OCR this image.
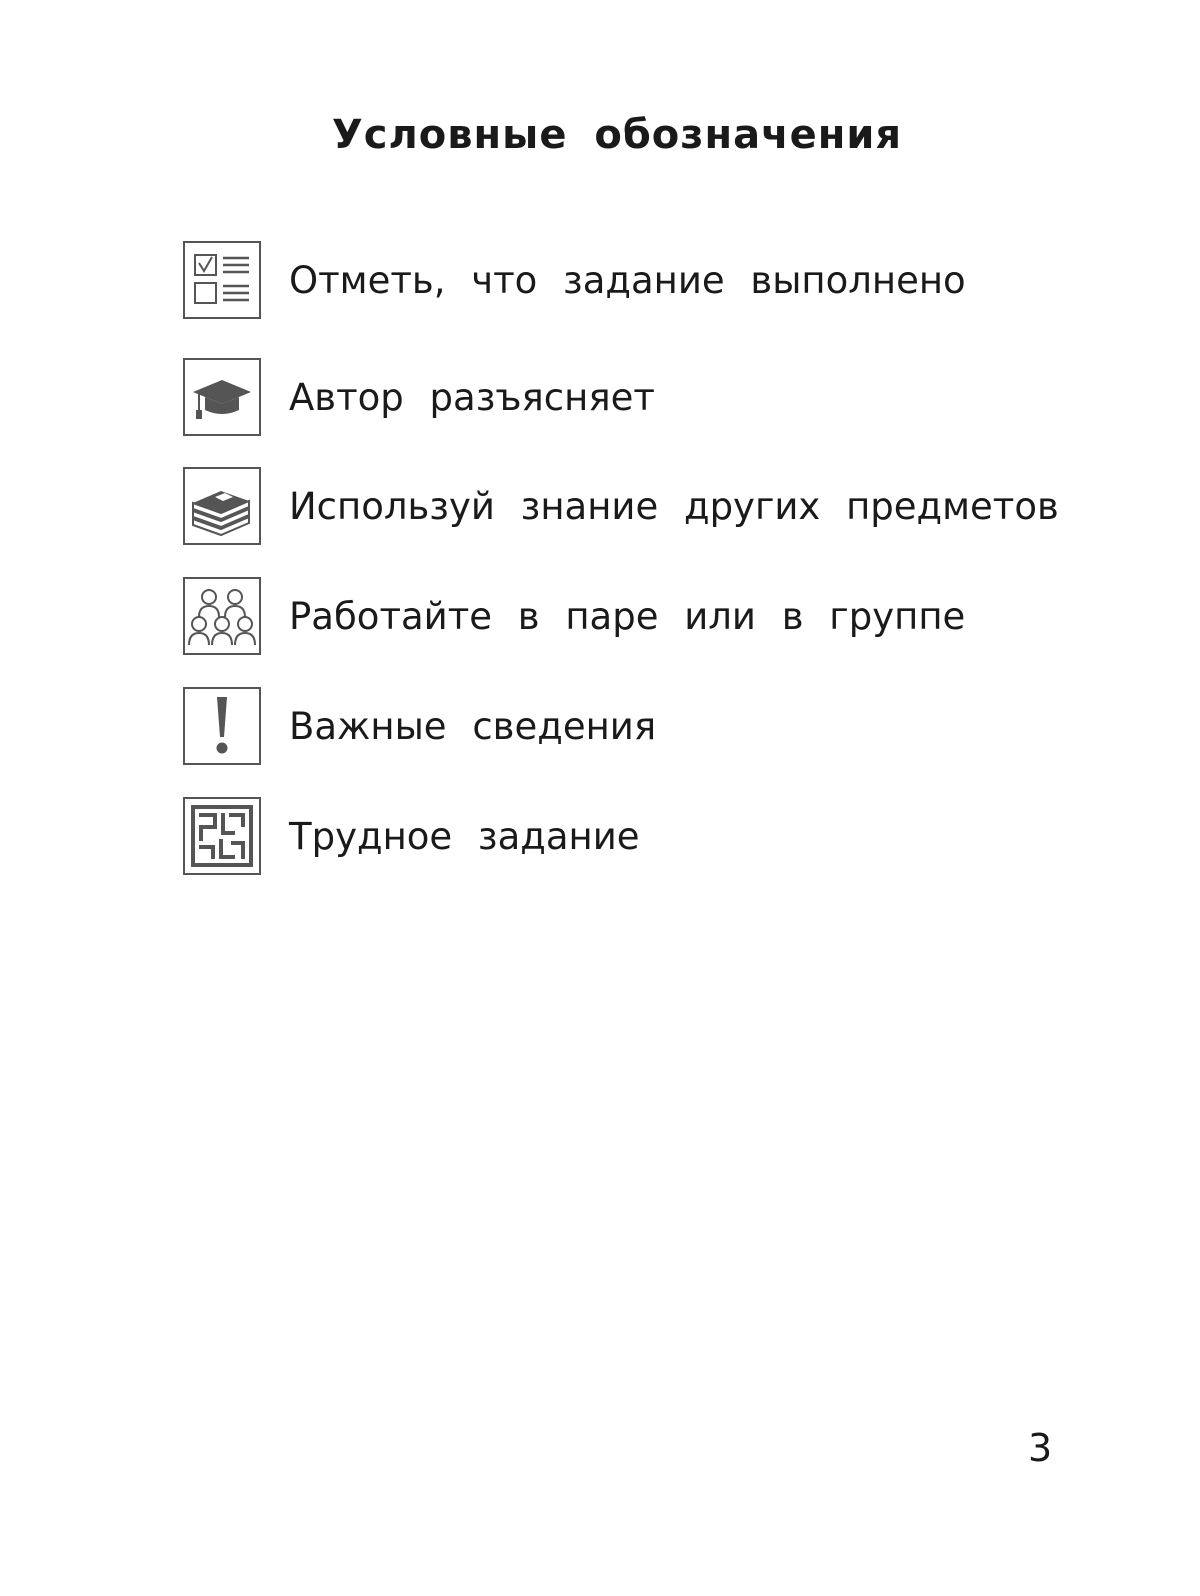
Условные обозначения
Отметь, что задание выполнено
Автор разъясняет
Используй знание других предметов
Работайте в паре или в группе
Важные сведения
Трудное задание
3
